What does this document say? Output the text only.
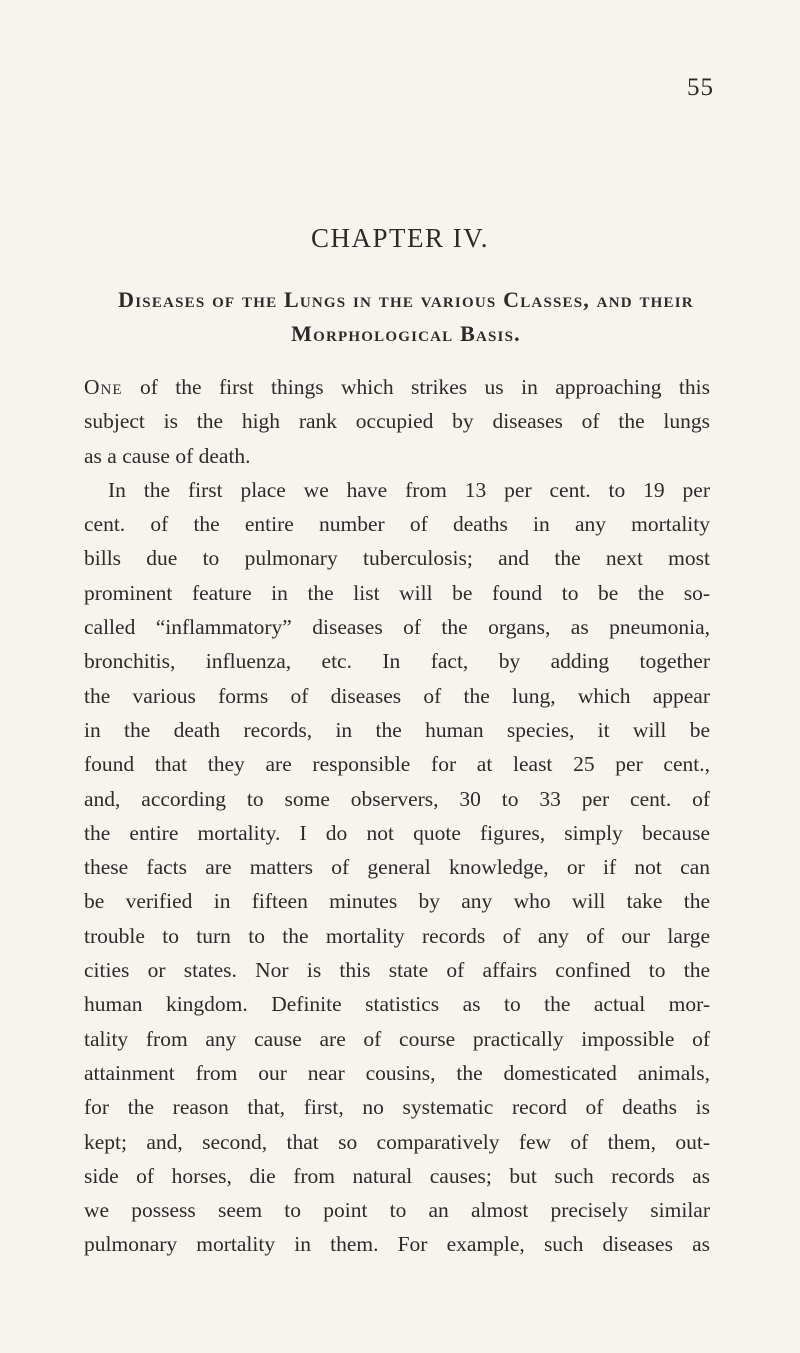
55
CHAPTER IV.
Diseases of the Lungs in the various Classes, and their Morphological Basis.
One of the first things which strikes us in approaching this
subject is the high rank occupied by diseases of the lungs
as a cause of death.
In the first place we have from 13 per cent. to 19 per
cent. of the entire number of deaths in any mortality
bills due to pulmonary tuberculosis; and the next most
prominent feature in the list will be found to be the so-
called “inflammatory” diseases of the organs, as pneumonia,
bronchitis, influenza, etc. In fact, by adding together
the various forms of diseases of the lung, which appear
in the death records, in the human species, it will be
found that they are responsible for at least 25 per cent.,
and, according to some observers, 30 to 33 per cent. of
the entire mortality. I do not quote figures, simply because
these facts are matters of general knowledge, or if not can
be verified in fifteen minutes by any who will take the
trouble to turn to the mortality records of any of our large
cities or states. Nor is this state of affairs confined to the
human kingdom. Definite statistics as to the actual mor-
tality from any cause are of course practically impossible of
attainment from our near cousins, the domesticated animals,
for the reason that, first, no systematic record of deaths is
kept; and, second, that so comparatively few of them, out-
side of horses, die from natural causes; but such records as
we possess seem to point to an almost precisely similar
pulmonary mortality in them. For example, such diseases as
